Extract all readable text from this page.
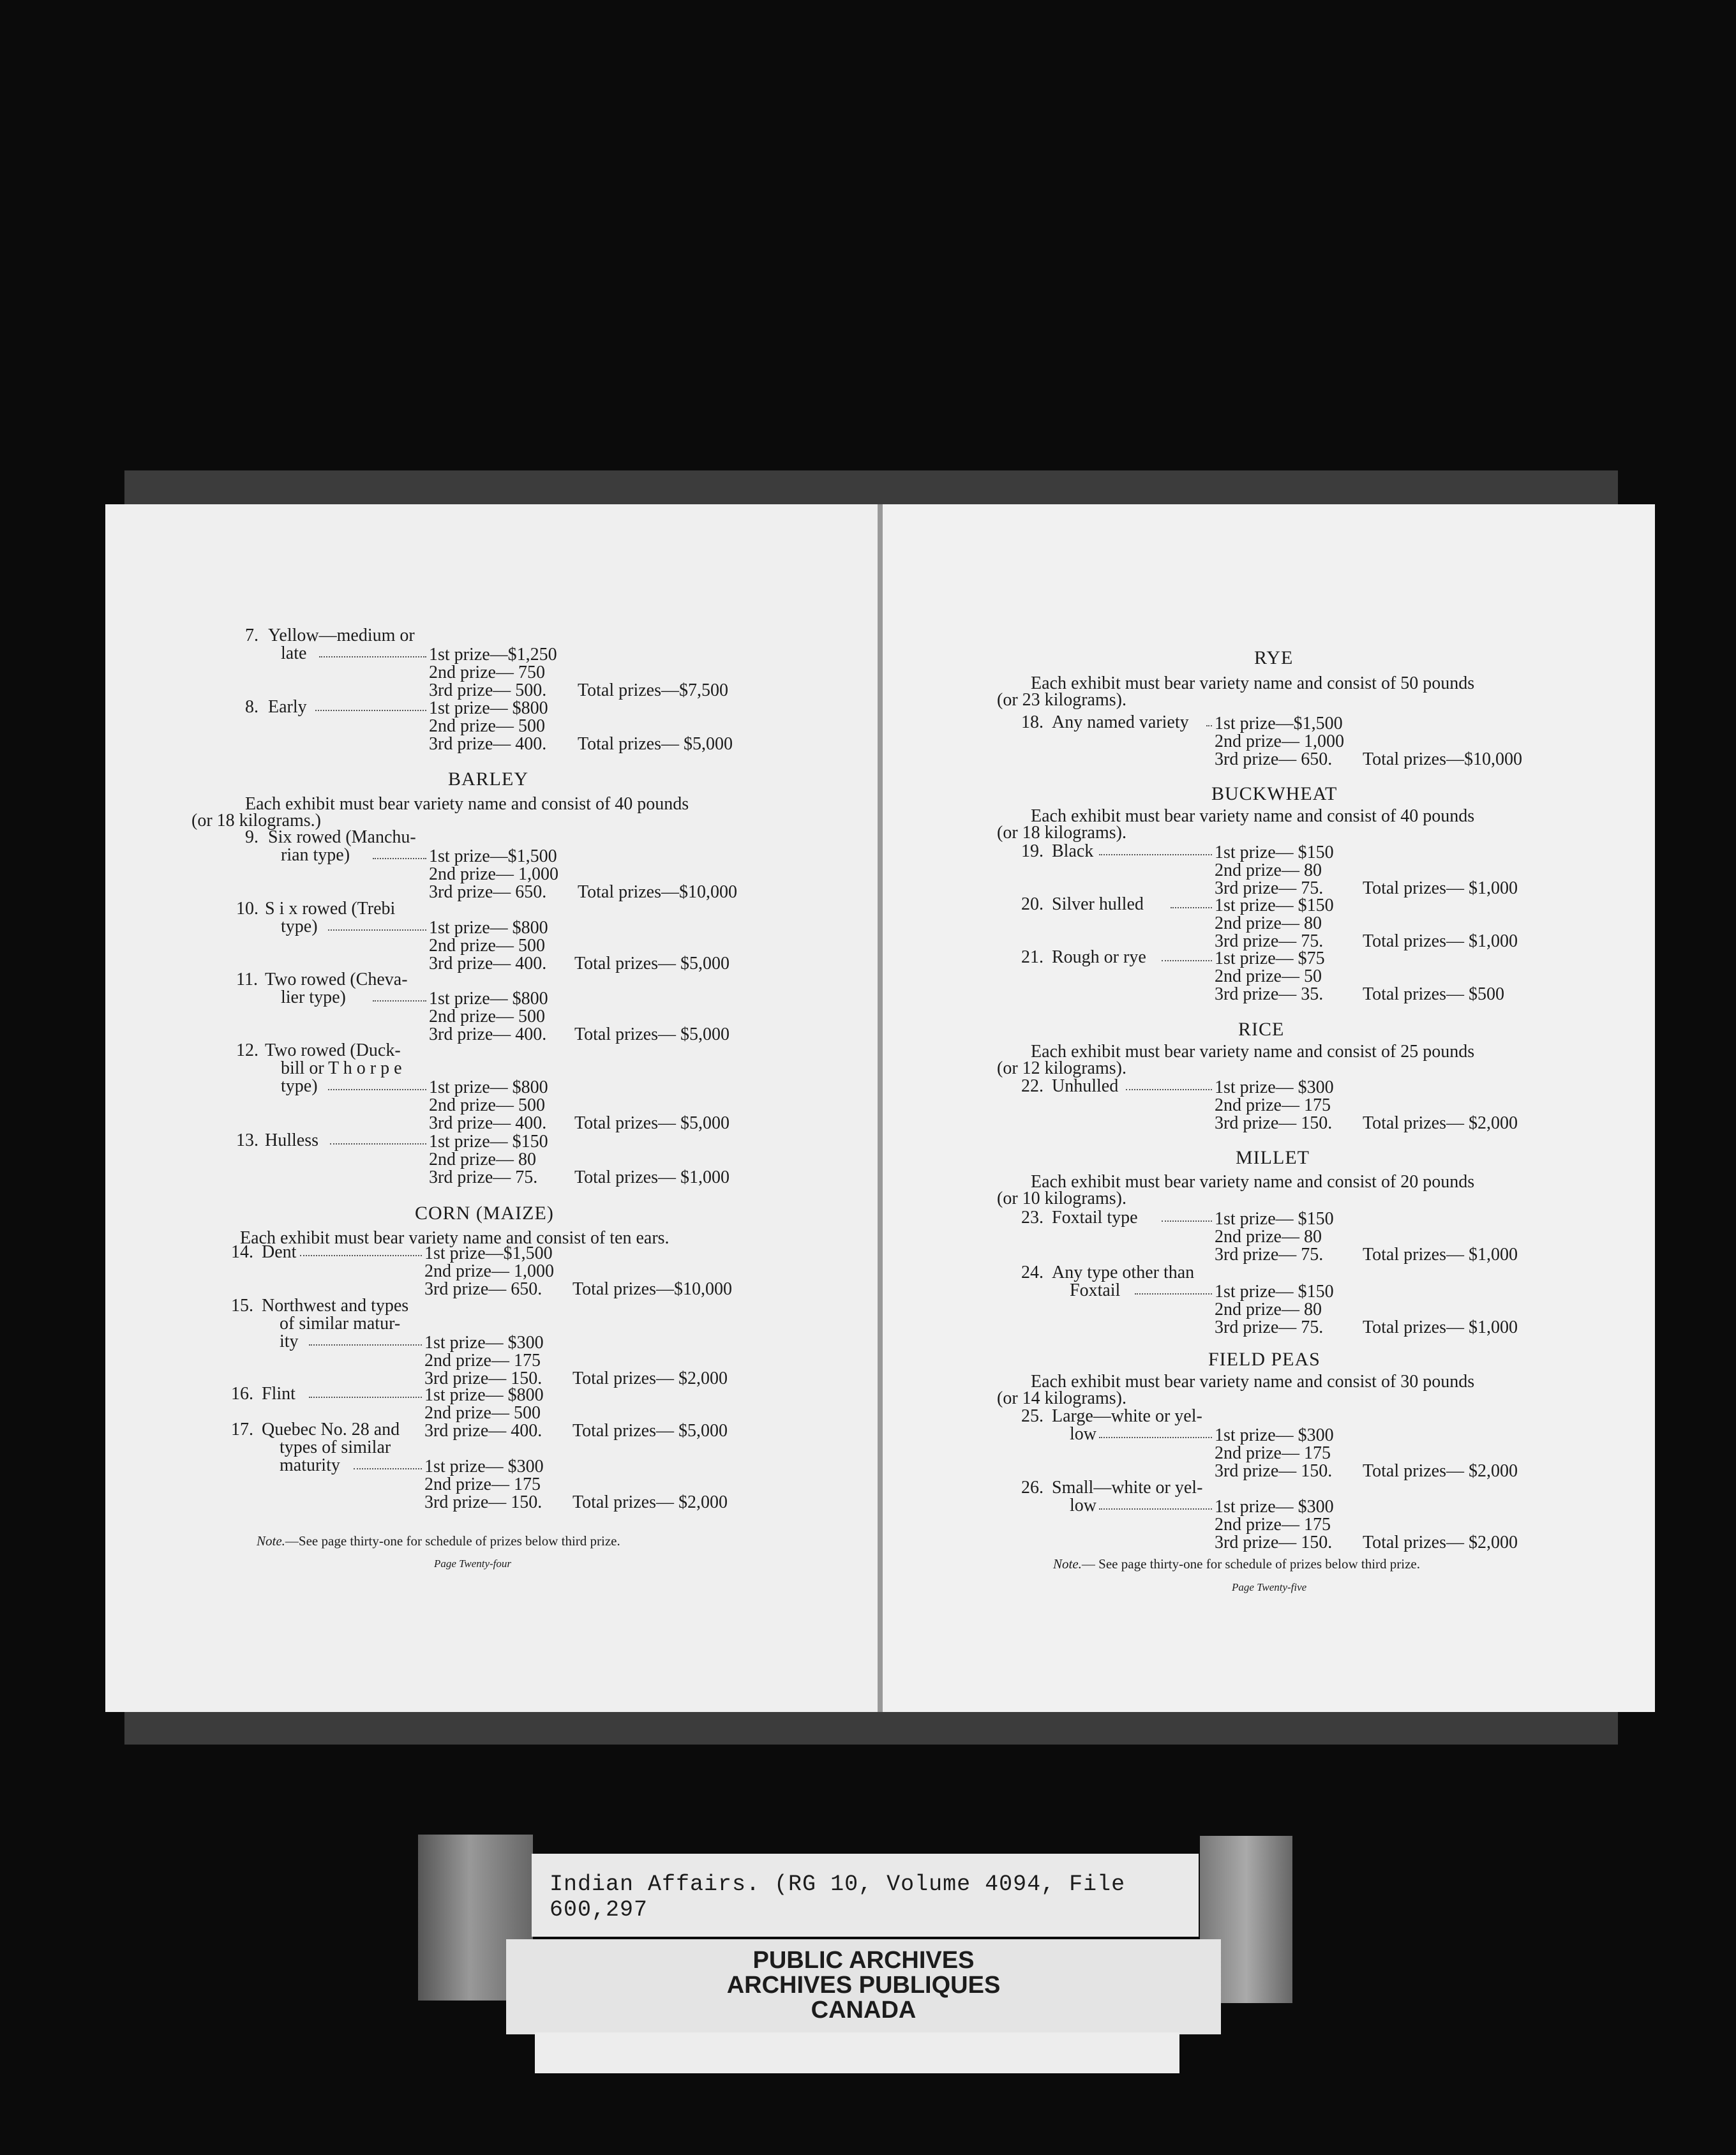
7. Yellow—medium or
late	1st prize—$1,250
2nd prize— 750
3rd prize— 500. Total prizes—$7,500
8. Early	1st prize— $800
2nd prize— 500
3rd prize— 400. Total prizes— $5,000
9. Six rowed (Manchu-
rian type)	1st prize—$1,500
2nd prize— 1,000
3rd prize— 650. Total prizes—$10,000
10. S i x rowed (Trebi
type)	1st prize— $800
2nd prize— 500
3rd prize— 400. Total prizes— $5,000
11. Two rowed (Cheva-
lier type)	1st prize— $800
2nd prize— 500
3rd prize— 400. Total prizes— $5,000
12. Two rowed (Duck-
bill or T h o r p e
type)	1st prize— $800
2nd prize— 500
3rd prize— 400. Total prizes— $5,000
13. Hulless	1st prize— $150
2nd prize— 80
3rd prize— 75. Total prizes— $1,000
14. Dent	1st prize—$1,500
2nd prize— 1,000
3rd prize— 650. Total prizes—$10,000
15. Northwest and types
of similar matur-
ity	1st prize— $300
2nd prize— 175
3rd prize— 150. Total prizes— $2,000
16. Flint	1st prize— $800
2nd prize— 500
3rd prize— 400. Total prizes— $5,000
17. Quebec No. 28 and
types of similar
maturity	1st prize— $300
2nd prize— 175
3rd prize— 150. Total prizes— $2,000
BARLEY
Each exhibit must bear variety name and consist of 40 pounds
(or 18 kilograms.)
CORN (MAIZE)
Each exhibit must bear variety name and consist of ten ears.
Note.—See page thirty-one for schedule of prizes below third prize.
Page Twenty-four
18. Any named variety 1st prize—$1,500
2nd prize— 1,000
3rd prize— 650. Total prizes—$10,000
19. Black	1st prize— $150
2nd prize— 80
3rd prize— 75. Total prizes— $1,000
20. Silver hulled	1st prize— $150
2nd prize— 80
3rd prize— 75. Total prizes— $1,000
21. Rough or rye	1st prize— $75
2nd prize— 50
3rd prize— 35. Total prizes— $500
22. Unhulled	1st prize— $300
2nd prize— 175
3rd prize— 150. Total prizes— $2,000
23. Foxtail type	1st prize— $150
2nd prize— 80
3rd prize— 75. Total prizes— $1,000
24. Any type other than
Foxtail	1st prize— $150
2nd prize— 80
3rd prize— 75. Total prizes— $1,000
25. Large—white or yel-
low	1st prize— $300
2nd prize— 175
3rd prize— 150. Total prizes— $2,000
26. Small—white or yel-
low	1st prize— $300
2nd prize— 175
3rd prize— 150. Total prizes— $2,000
RYE
Each exhibit must bear variety name and consist of 50 pounds
(or 23 kilograms).
BUCKWHEAT
Each exhibit must bear variety name and consist of 40 pounds
(or 18 kilograms).
RICE
Each exhibit must bear variety name and consist of 25 pounds
(or 12 kilograms).
MILLET
Each exhibit must bear variety name and consist of 20 pounds
(or 10 kilograms).
FIELD PEAS
Each exhibit must bear variety name and consist of 30 pounds
(or 14 kilograms).
Note.— See page thirty-one for schedule of prizes below third prize.
Page Twenty-five
Indian Affairs. (RG 10, Volume 4094, File 600,297
PUBLIC ARCHIVES
ARCHIVES PUBLIQUES
CANADA
